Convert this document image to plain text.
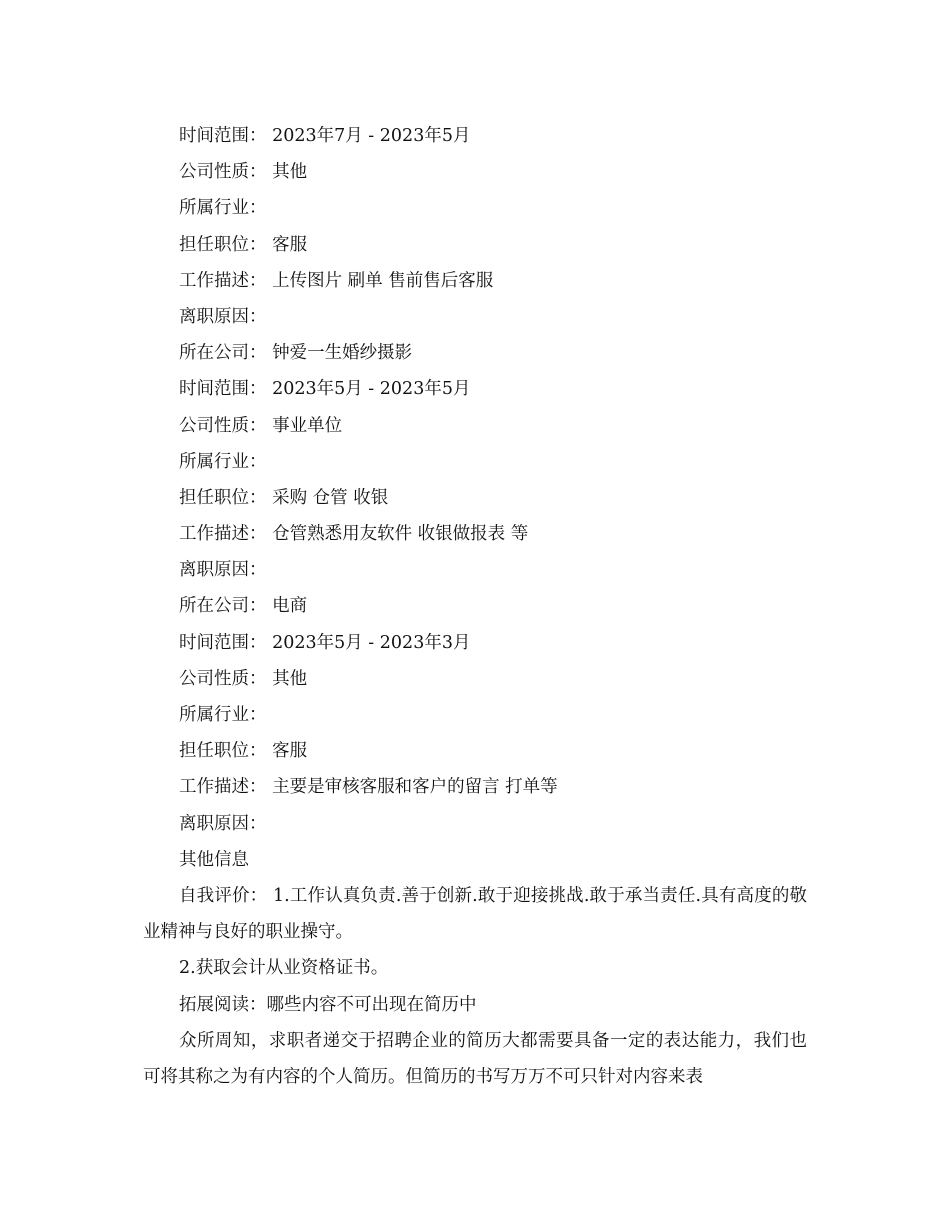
时间范围： 2023年7月 - 2023年5月
公司性质： 其他
所属行业：
担任职位： 客服
工作描述： 上传图片 刷单 售前售后客服
离职原因：
所在公司： 钟爱一生婚纱摄影
时间范围： 2023年5月 - 2023年5月
公司性质： 事业单位
所属行业：
担任职位： 采购 仓管 收银
工作描述： 仓管熟悉用友软件 收银做报表 等
离职原因：
所在公司： 电商
时间范围： 2023年5月 - 2023年3月
公司性质： 其他
所属行业：
担任职位： 客服
工作描述： 主要是审核客服和客户的留言 打单等
离职原因：
其他信息

自我评价： 1.工作认真负责.善于创新.敢于迎接挑战.敢于承当责任.具有高度的敬业精神与良好的职业操守。

2.获取会计从业资格证书。
拓展阅读：哪些内容不可出现在简历中

众所周知，求职者递交于招聘企业的简历大都需要具备一定的表达能力，我们也可将其称之为有内容的个人简历。但简历的书写万万不可只针对内容来表
